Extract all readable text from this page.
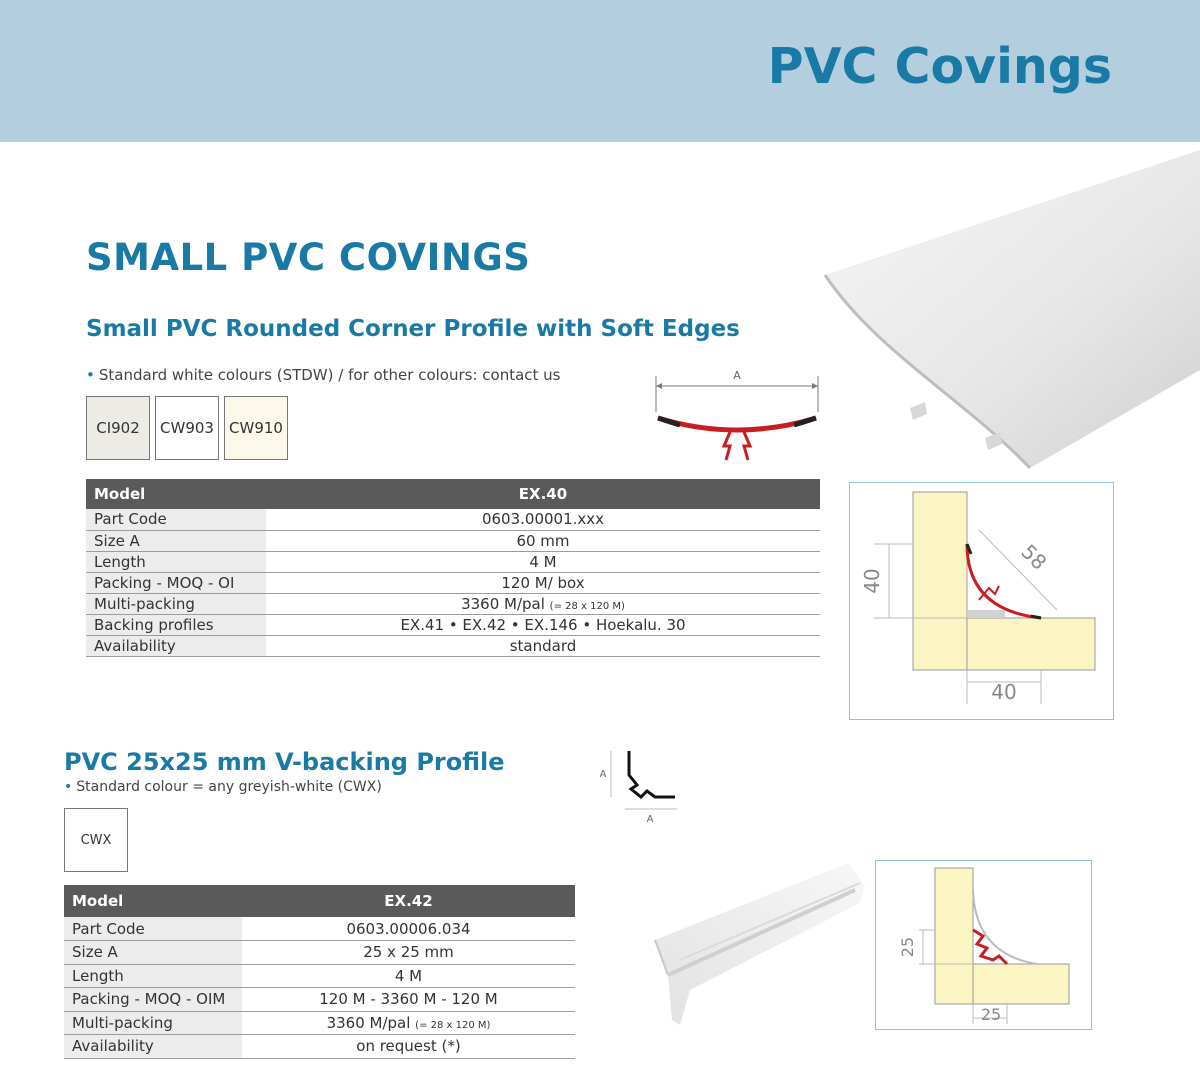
PVC Covings
SMALL PVC COVINGS
Small PVC Rounded Corner Profile with Soft Edges
• Standard white colours (STDW) / for other colours: contact us
CI902 CW903 CW910
A
Model	EX.40
Part Code	0603.00001.xxx
Size A	60 mm
Length	4 M
Packing - MOQ - OI	120 M/ box
Multi-packing	3360 M/pal (= 28 x 120 M)
Backing profiles	EX.41 • EX.42 • EX.146 • Hoekalu. 30
Availability	standard
40
40
58
PVC 25x25 mm V-backing Profile
• Standard colour = any greyish-white (CWX)
CWX
A
A
Model	EX.42
Part Code	0603.00006.034
Size A	25 x 25 mm
Length	4 M
Packing - MOQ - OIM	120 M - 3360 M - 120 M
Multi-packing	3360 M/pal (= 28 x 120 M)
Availability	on request (*)
25
25
